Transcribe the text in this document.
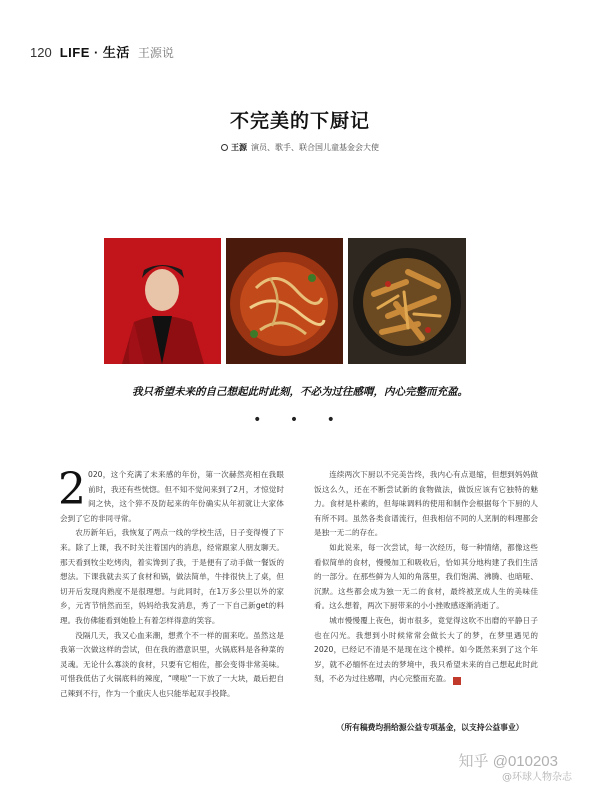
120 LIFE · 生活 王源说
不完美的下厨记
王源 演员、歌手、联合国儿童基金会大使
我只希望未来的自己想起此时此刻，不必为过往感喟，内心完整而充盈。
• • •

2 020，这个充满了未来感的年份，第一次赫然亮相在我眼前时，我还有些恍惚。但不知不觉间来到了2月，才惊觉时间之快，这个猝不及防起来的年份确实从年初就让大家体会到了它的非同寻常。

农历新年后，我恢复了两点一线的学校生活，日子变得慢了下来。除了上课，我不时关注着国内的消息，经常跟家人朋友聊天。那天看到牧尘吃烤肉，着实馋到了我，于是便有了动手做一餐饭的想法。下课我就去买了食材和锅，做法简单，牛排很快上了桌，但切开后发现肉熟度不是很理想。与此同时，在1万多公里以外的家乡，元宵节悄然而至，妈妈给我发消息，秀了一下自己新get的料理。我仿佛能看到她脸上有着怎样得意的笑容。

没隔几天，我又心血来潮，想煮个不一样的面来吃。虽然这是我第一次做这样的尝试，但在我的潜意识里，火锅底料是各种菜的灵魂。无论什么寡淡的食材，只要有它相佐，都会变得非常美味。可惜我低估了火锅底料的辣度，“噗啦”一下放了一大块，最后把自己辣到不行，作为一个重庆人也只能举起双手投降。

连续两次下厨以不完美告终，我内心有点退缩，但想到妈妈做饭这么久，还在不断尝试新的食物做法，做饭应该有它独特的魅力。食材是朴素的，但每味调料的使用和制作会根据每个下厨的人有所不同。虽然各类食谱流行，但我相信不同的人烹制的料理都会是独一无二的存在。

如此说来，每一次尝试，每一次经历，每一种情绪，都像这些看似简单的食材，慢慢加工和吸收后，恰如其分地构建了我们生活的一部分。在那些鲜为人知的角落里，我们饱满、沸腾、也暗哑、沉默。这些都会成为独一无二的食材，最终被烹成人生的美味佳肴。这么想着，两次下厨带来的小小挫败感逐渐消逝了。

城市慢慢覆上夜色，街市很多，竟觉得这吹不出磨的平静日子也在闪光。我想到小时候常常会做长大了的梦，在梦里遇见的2020，已经记不清是不是现在这个模样。如今既然来到了这个年岁，就不必缅怀在过去的梦境中，我只希望未来的自己想起此时此刻，不必为过往感喟，内心完整而充盈。	G

（所有稿费均捐给源公益专项基金，以支持公益事业）
知乎 @010203
@环球人物杂志
